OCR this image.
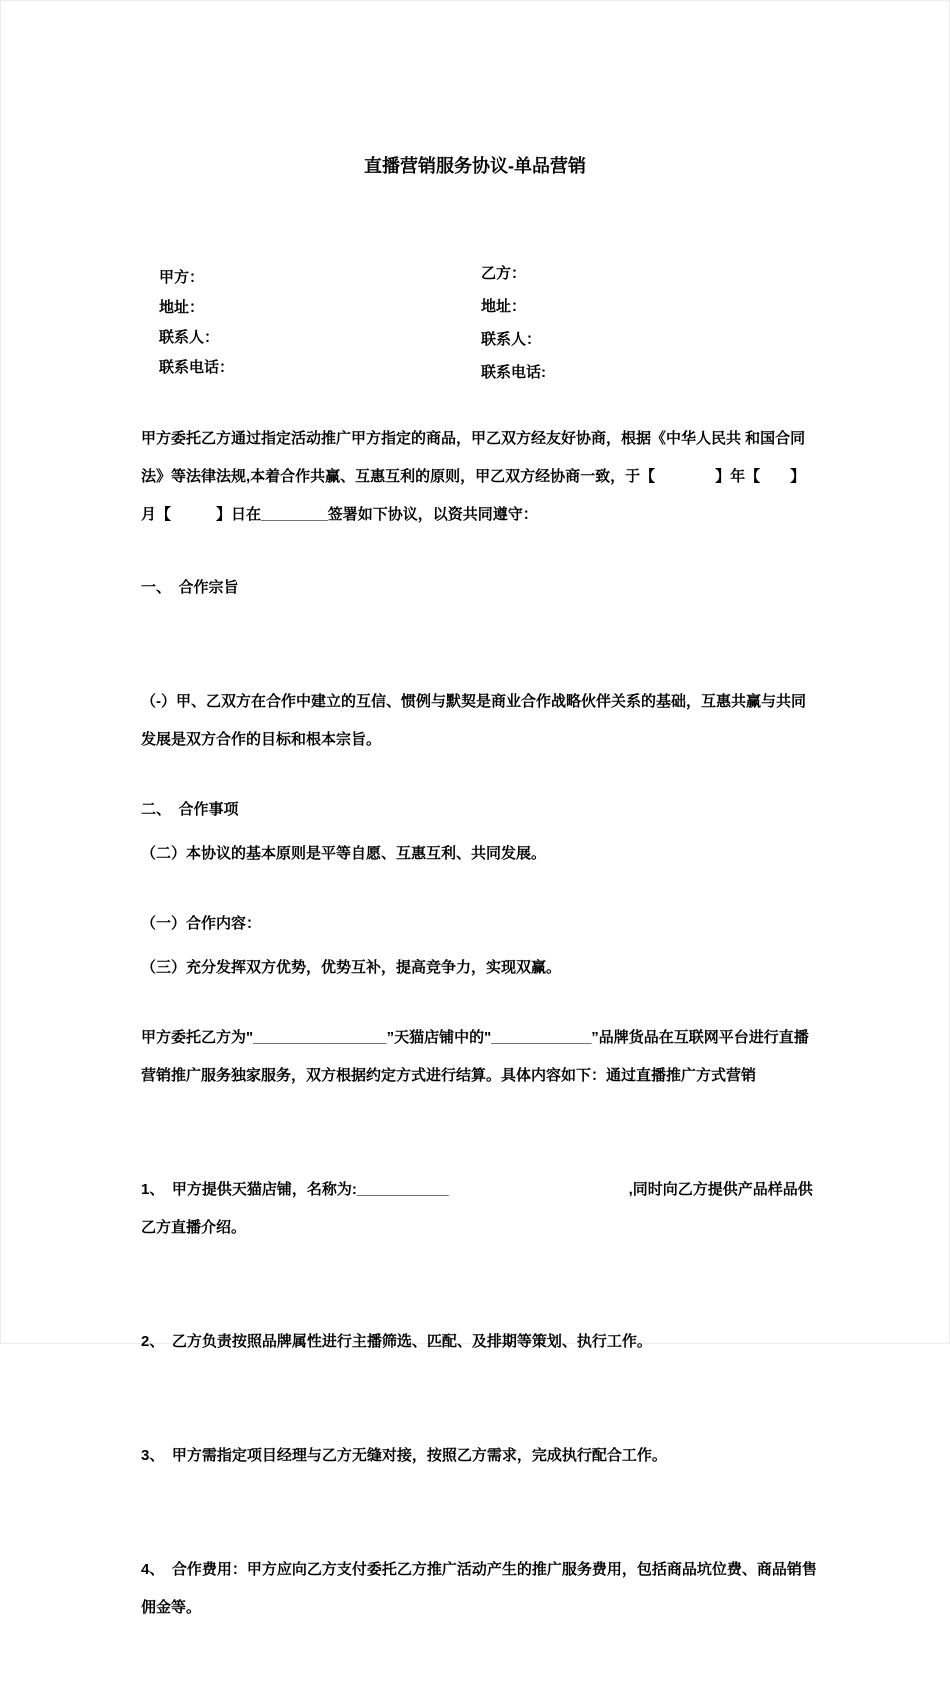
直播营销服务协议-单品营销

甲方：

地址：

联系人：

联系电话：

乙方：

地址：

联系人：

联系电话:

甲方委托乙方通过指定活动推广甲方指定的商品，甲乙双方经友好协商，根据《中华人民共 和国合同法》等法律法规,本着合作共赢、互惠互利的原则，甲乙双方经协商一致，于【　　　　】年【　　】月【　　　】日在________签署如下协议，以资共同遵守：

一、　合作宗旨

（-）甲、乙双方在合作中建立的互信、惯例与默契是商业合作战略伙伴关系的基础，互惠共赢与共同发展是双方合作的目标和根本宗旨。

（二）本协议的基本原则是平等自愿、互惠互利、共同发展。

（三）充分发挥双方优势，优势互补，提高竞争力，实现双赢。

二、　合作事项

（一）合作内容：

甲方委托乙方为"________________”天猫店铺中的"____________”品牌货品在互联网平台进行直播营销推广服务独家服务，双方根据约定方式进行结算。具体内容如下：通过直播推广方式营销

1、　甲方提供天猫店铺，名称为:___________　　　　　　　　　　　　,同时向乙方提供产品样品供乙方直播介绍。

2、　乙方负责按照品牌属性进行主播筛选、匹配、及排期等策划、执行工作。

3、　甲方需指定项目经理与乙方无缝对接，按照乙方需求，完成执行配合工作。

4、　合作费用：甲方应向乙方支付委托乙方推广活动产生的推广服务费用，包括商品坑位费、商品销售佣金等。
